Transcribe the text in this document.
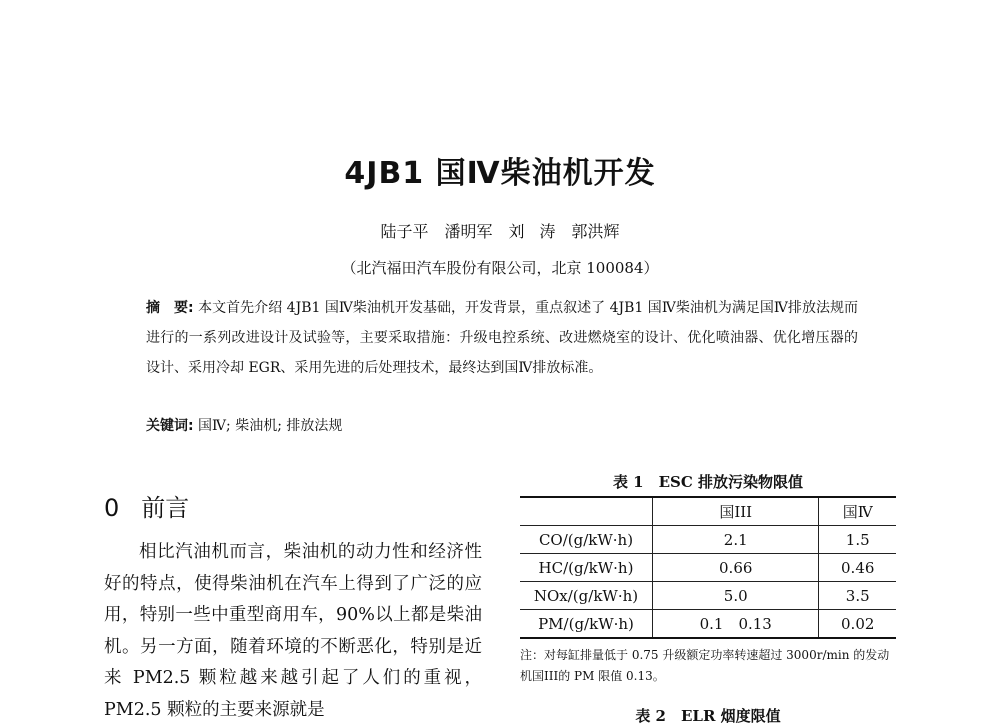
4JB1 国Ⅳ柴油机开发
陆子平　潘明军　刘 涛　郭洪辉
（北汽福田汽车股份有限公司，北京 100084）
摘　要: 本文首先介绍 4JB1 国Ⅳ柴油机开发基础，开发背景，重点叙述了 4JB1 国Ⅳ柴油机为满足国Ⅳ排放法规而进行的一系列改进设计及试验等，主要采取措施：升级电控系统、改进燃烧室的设计、优化喷油器、优化增压器的设计、采用冷却 EGR、采用先进的后处理技术，最终达到国Ⅳ排放标准。
关键词: 国Ⅳ; 柴油机; 排放法规
0 前言

相比汽油机而言，柴油机的动力性和经济性好的特点，使得柴油机在汽车上得到了广泛的应用，特别一些中重型商用车，90%以上都是柴油机。另一方面，随着环境的不断恶化，特别是近来 PM2.5 颗粒越来越引起了人们的重视，PM2.5 颗粒的主要来源就是

表 1　ESC 排放污染物限值
	国III	国Ⅳ
CO/(g/kW·h)	2.1	1.5
HC/(g/kW·h)	0.66	0.46
NOx/(g/kW·h)	5.0	3.5
PM/(g/kW·h)	0.1　0.13	0.02
注：对每缸排量低于 0.75 升级额定功率转速超过 3000r/min 的发动机国III的 PM 限值 0.13。
表 2　ELR 烟度限值
